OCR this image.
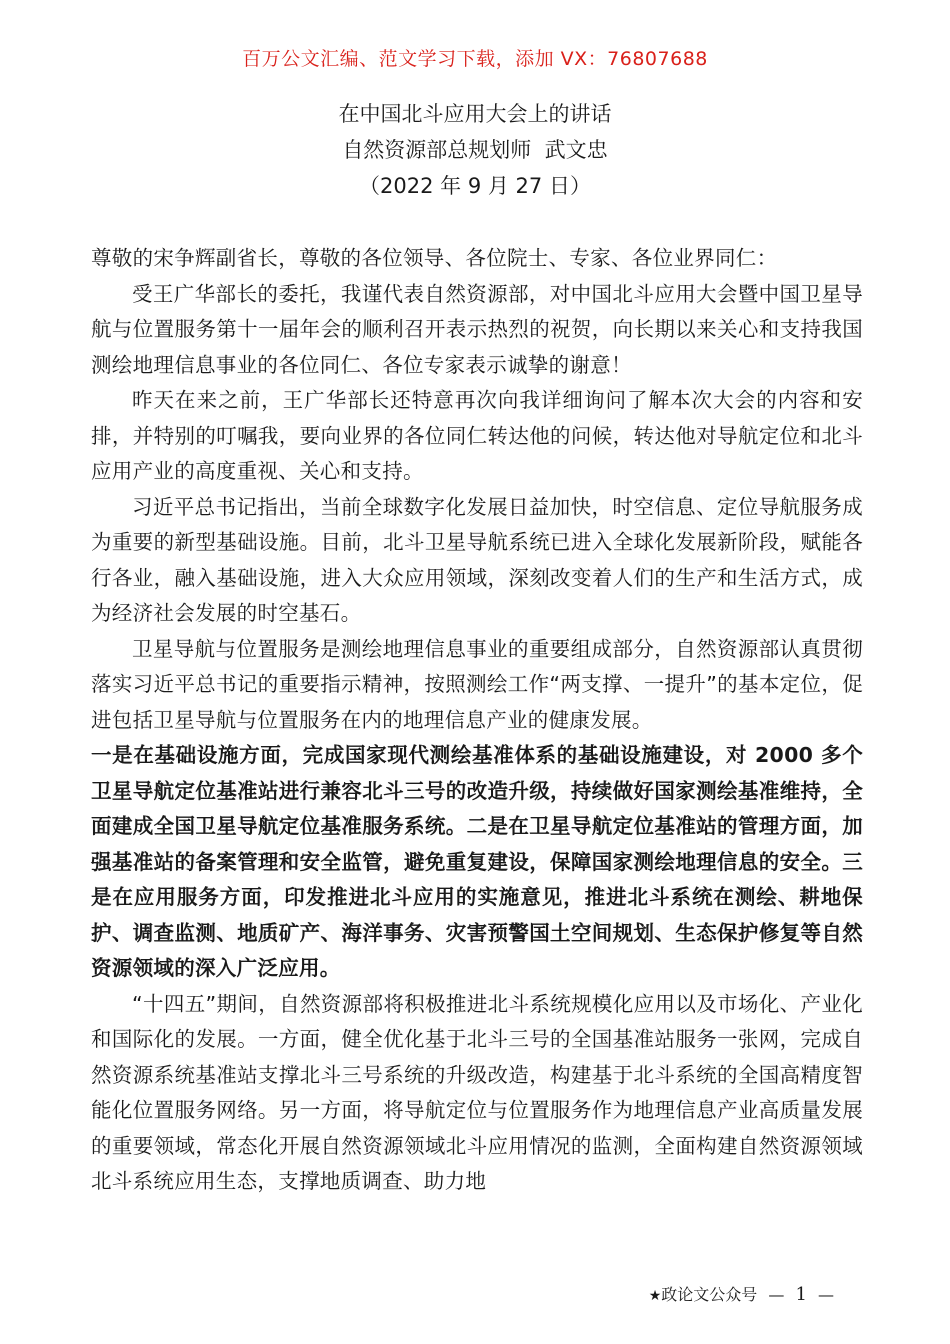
百万公文汇编、范文学习下载，添加 VX：76807688
在中国北斗应用大会上的讲话
自然资源部总规划师  武文忠
（2022 年 9 月 27 日）

尊敬的宋争辉副省长，尊敬的各位领导、各位院士、专家、各位业界同仁：

受王广华部长的委托，我谨代表自然资源部，对中国北斗应用大会暨中国卫星导航与位置服务第十一届年会的顺利召开表示热烈的祝贺，向长期以来关心和支持我国测绘地理信息事业的各位同仁、各位专家表示诚挚的谢意！

昨天在来之前，王广华部长还特意再次向我详细询问了解本次大会的内容和安排，并特别的叮嘱我，要向业界的各位同仁转达他的问候，转达他对导航定位和北斗应用产业的高度重视、关心和支持。

习近平总书记指出，当前全球数字化发展日益加快，时空信息、定位导航服务成为重要的新型基础设施。目前，北斗卫星导航系统已进入全球化发展新阶段，赋能各行各业，融入基础设施，进入大众应用领域，深刻改变着人们的生产和生活方式，成为经济社会发展的时空基石。

卫星导航与位置服务是测绘地理信息事业的重要组成部分，自然资源部认真贯彻落实习近平总书记的重要指示精神，按照测绘工作“两支撑、一提升”的基本定位，促进包括卫星导航与位置服务在内的地理信息产业的健康发展。

一是在基础设施方面，完成国家现代测绘基准体系的基础设施建设，对 2000 多个卫星导航定位基准站进行兼容北斗三号的改造升级，持续做好国家测绘基准维持，全面建成全国卫星导航定位基准服务系统。二是在卫星导航定位基准站的管理方面，加强基准站的备案管理和安全监管，避免重复建设，保障国家测绘地理信息的安全。三是在应用服务方面，印发推进北斗应用的实施意见，推进北斗系统在测绘、耕地保护、调查监测、地质矿产、海洋事务、灾害预警国土空间规划、生态保护修复等自然资源领域的深入广泛应用。

“十四五”期间，自然资源部将积极推进北斗系统规模化应用以及市场化、产业化和国际化的发展。一方面，健全优化基于北斗三号的全国基准站服务一张网，完成自然资源系统基准站支撑北斗三号系统的升级改造，构建基于北斗系统的全国高精度智能化位置服务网络。另一方面，将导航定位与位置服务作为地理信息产业高质量发展的重要领域，常态化开展自然资源领域北斗应用情况的监测，全面构建自然资源领域北斗系统应用生态，支撑地质调查、助力地

★政论文公众号 — 1 —
